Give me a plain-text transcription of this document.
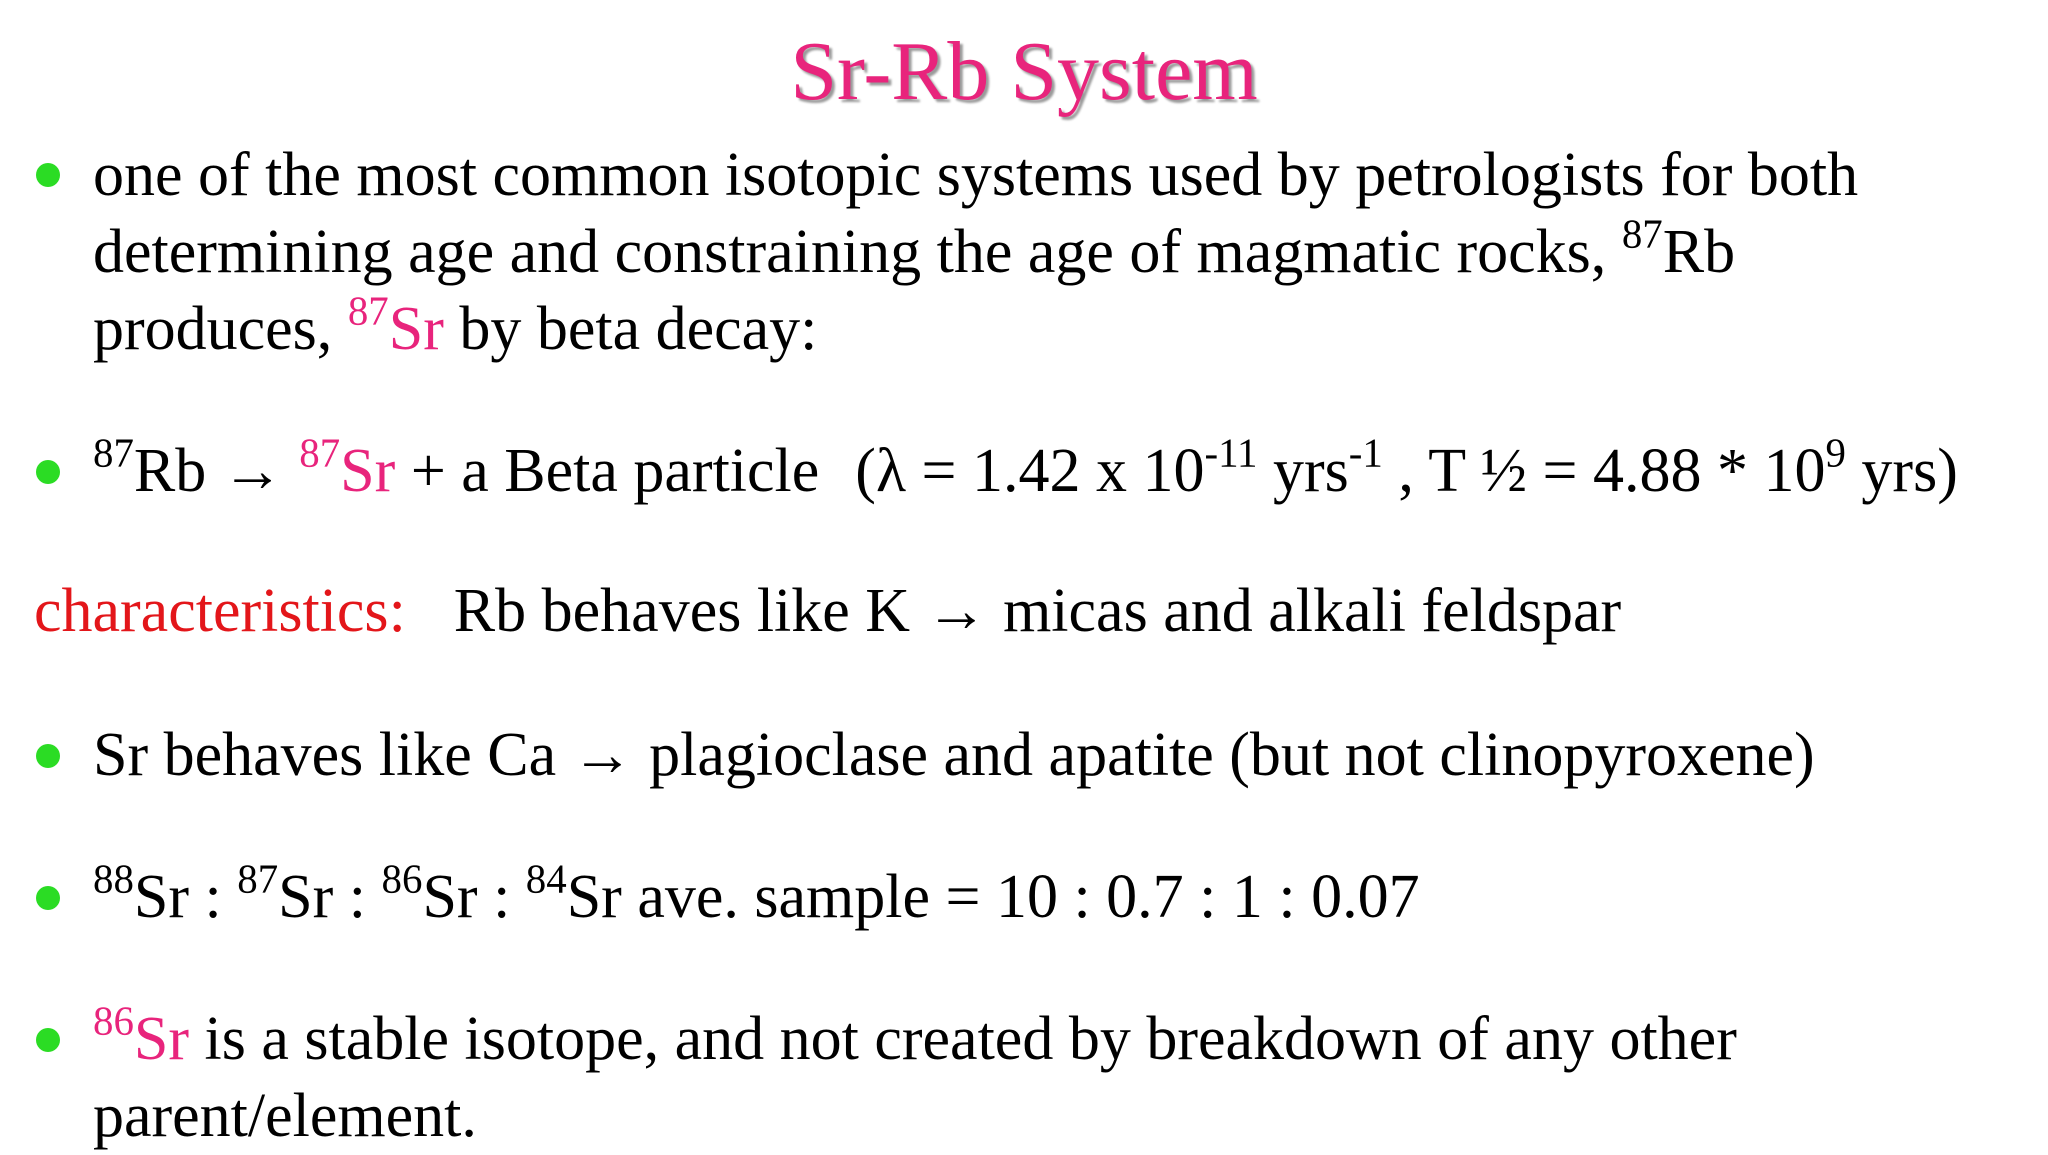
Sr-Rb System
one of the most common isotopic systems used by petrologists for both
determining age and constraining the age of magmatic rocks, $^{87}$Rb
produces, $^{87}$Sr by beta decay:
$^{87}$Rb → $^{87}$Sr + a Beta particle (λ = 1.42 x $10^{-11}$ yrs$^{-1}$ , T ½ = $4.88 * 10^9$ yrs)
characteristics: Rb behaves like K → micas and alkali feldspar
Sr behaves like Ca → plagioclase and apatite (but not clinopyroxene)
$^{88}$Sr : $^{87}$Sr : $^{86}$Sr : $^{84}$Sr ave. sample = 10 : 0.7 : 1 : 0.07
$^{86}$Sr is a stable isotope, and not created by breakdown of any other
parent/element.
